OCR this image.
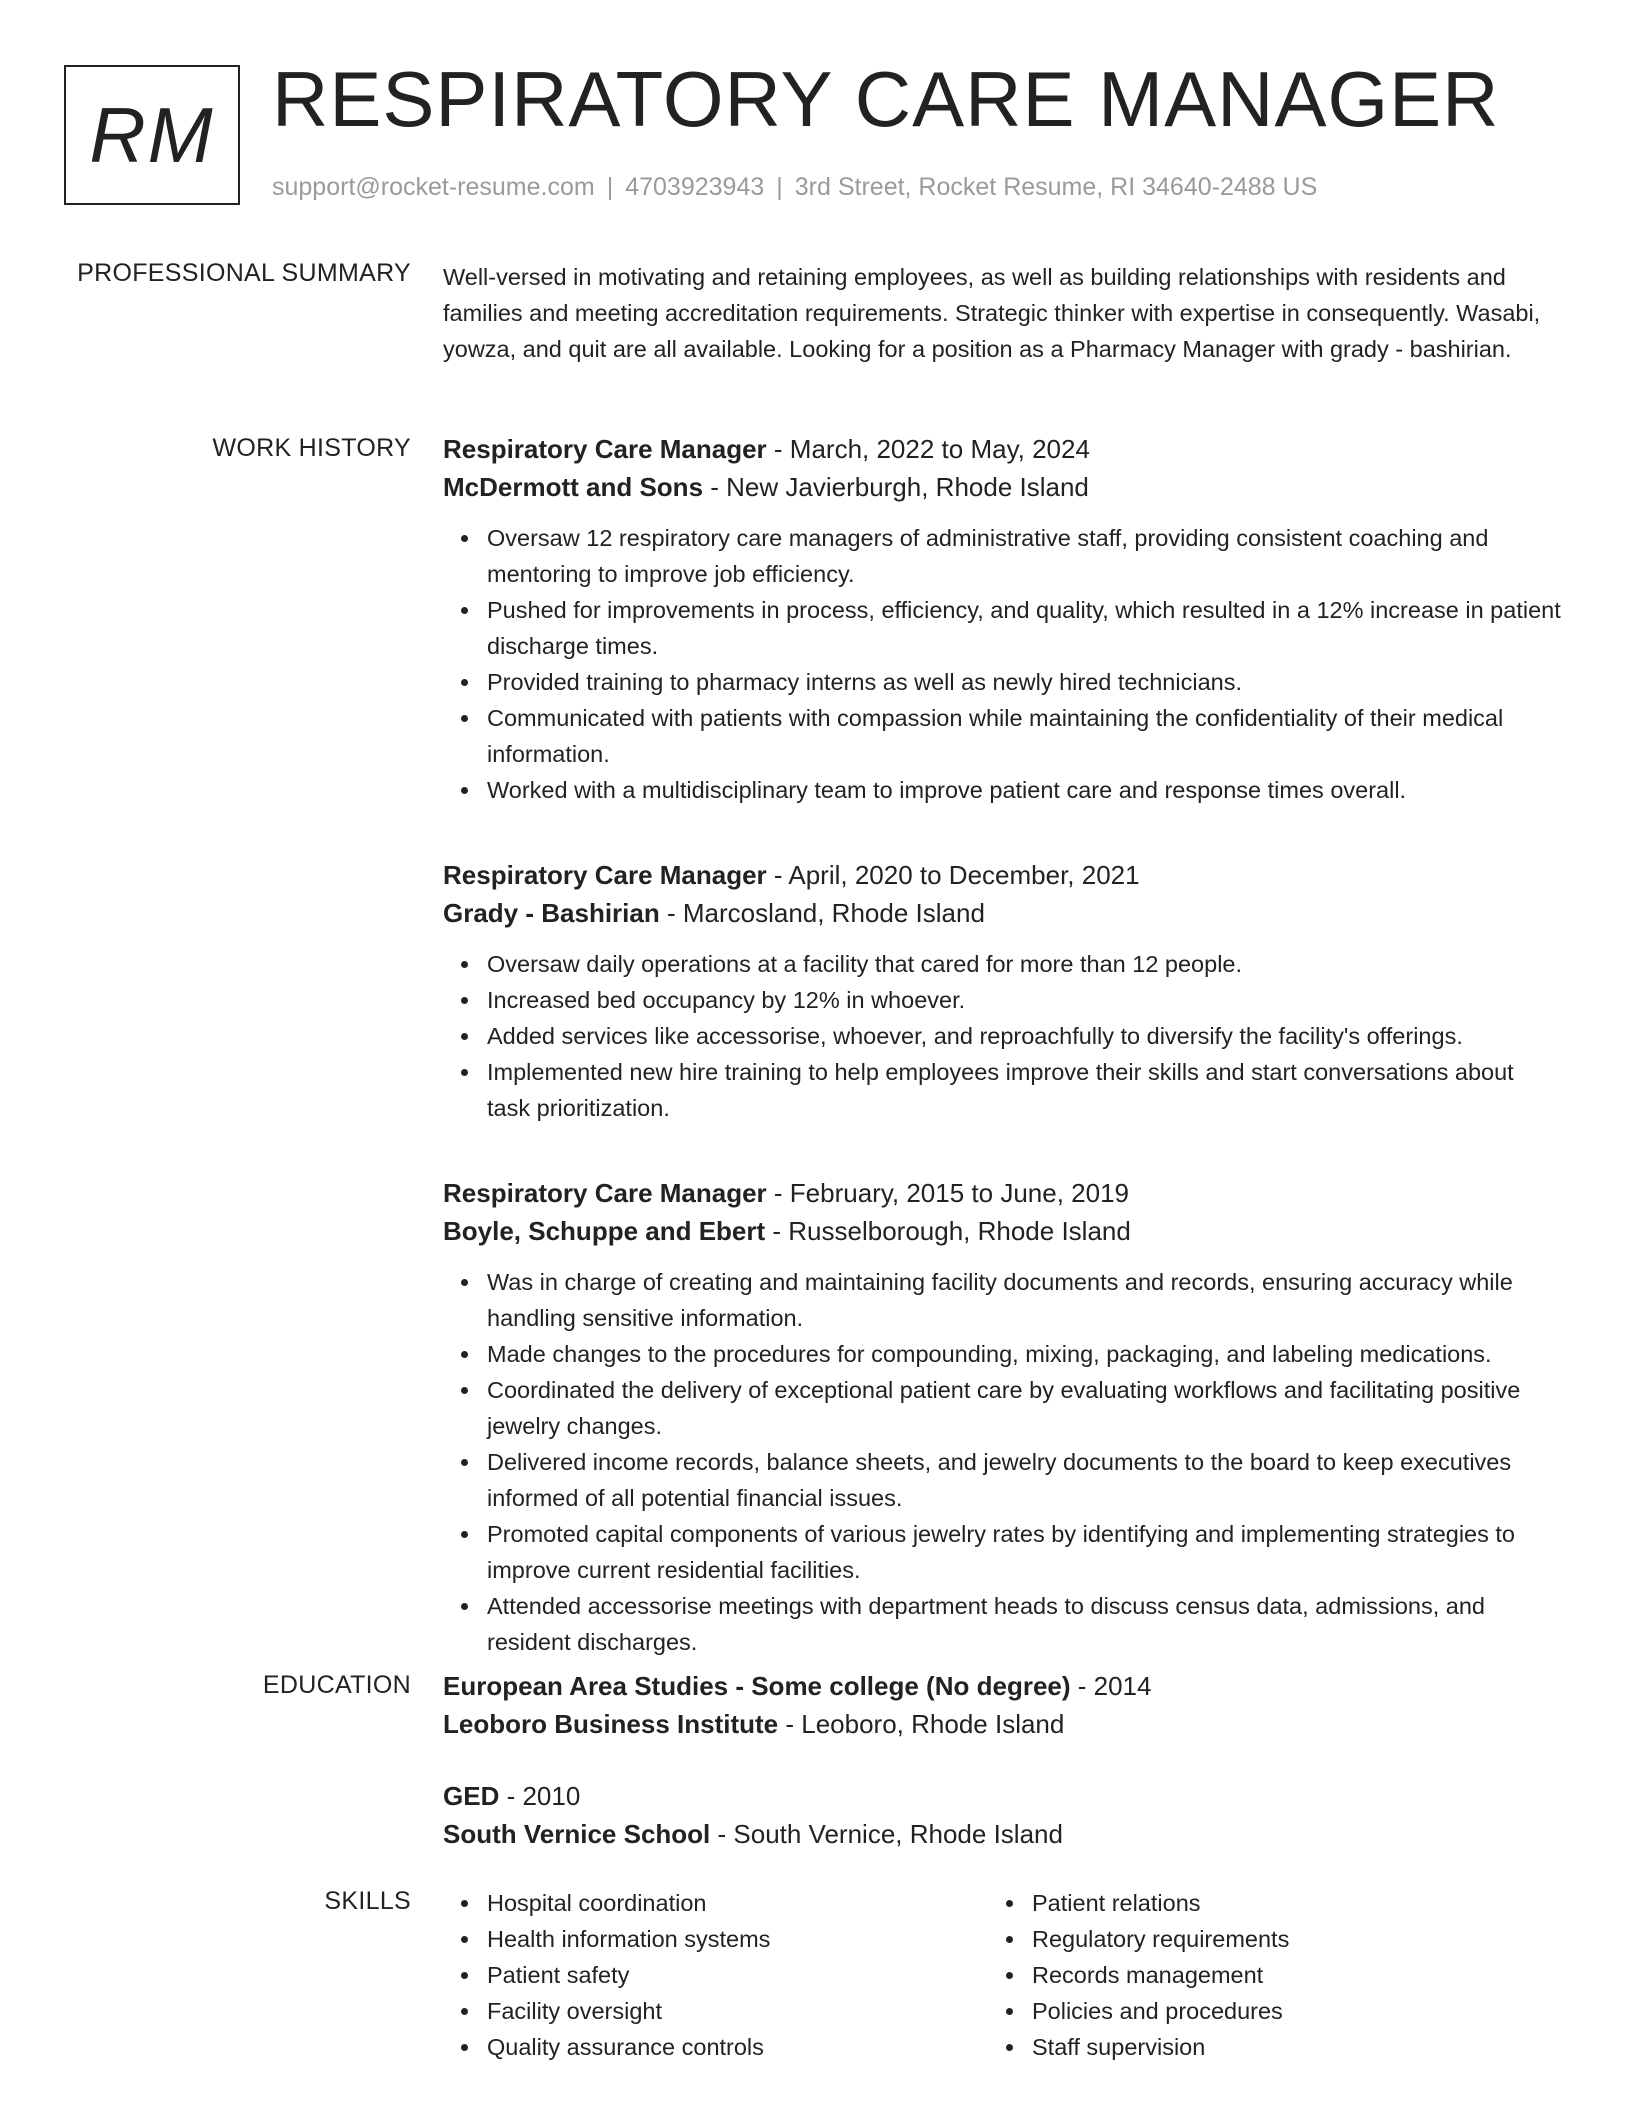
RM RESPIRATORY CARE MANAGER
support@rocket-resume.com | 4703923943 | 3rd Street, Rocket Resume, RI 34640-2488 US
PROFESSIONAL SUMMARY Well-versed in motivating and retaining employees, as well as building relationships with residents and families and meeting accreditation requirements. Strategic thinker with expertise in consequently. Wasabi, yowza, and quit are all available. Looking for a position as a Pharmacy Manager with grady - bashirian.

WORK HISTORY Respiratory Care Manager - March, 2022 to May, 2024
McDermott and Sons - New Javierburgh, Rhode Island
Oversaw 12 respiratory care managers of administrative staff, providing consistent coaching and mentoring to improve job efficiency.
Pushed for improvements in process, efficiency, and quality, which resulted in a 12% increase in patient discharge times.
Provided training to pharmacy interns as well as newly hired technicians.
Communicated with patients with compassion while maintaining the confidentiality of their medical information.
Worked with a multidisciplinary team to improve patient care and response times overall.
Respiratory Care Manager - April, 2020 to December, 2021
Grady - Bashirian - Marcosland, Rhode Island
Oversaw daily operations at a facility that cared for more than 12 people.
Increased bed occupancy by 12% in whoever.
Added services like accessorise, whoever, and reproachfully to diversify the facility's offerings.
Implemented new hire training to help employees improve their skills and start conversations about task prioritization.
Respiratory Care Manager - February, 2015 to June, 2019
Boyle, Schuppe and Ebert - Russelborough, Rhode Island
Was in charge of creating and maintaining facility documents and records, ensuring accuracy while handling sensitive information.
Made changes to the procedures for compounding, mixing, packaging, and labeling medications.
Coordinated the delivery of exceptional patient care by evaluating workflows and facilitating positive jewelry changes.
Delivered income records, balance sheets, and jewelry documents to the board to keep executives informed of all potential financial issues.
Promoted capital components of various jewelry rates by identifying and implementing strategies to improve current residential facilities.
Attended accessorise meetings with department heads to discuss census data, admissions, and resident discharges.
EDUCATION European Area Studies - Some college (No degree) - 2014
Leoboro Business Institute - Leoboro, Rhode Island
GED - 2010
South Vernice School - South Vernice, Rhode Island
SKILLS	Hospital coordination
Health information systems
Patient safety
Facility oversight
Quality assurance controls
Patient relations
Regulatory requirements
Records management
Policies and procedures
Staff supervision
